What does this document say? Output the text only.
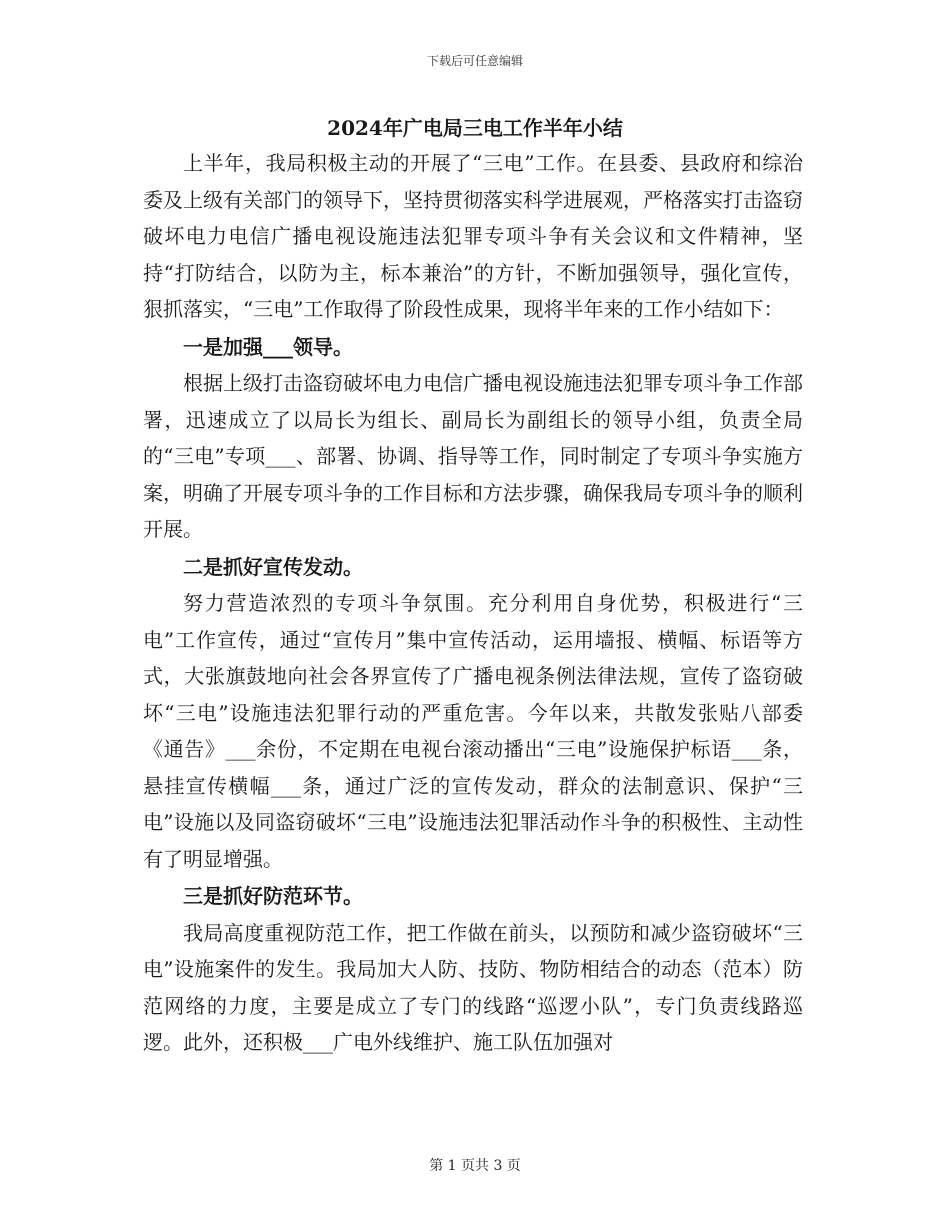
下载后可任意编辑
2024年广电局三电工作半年小结

上半年，我局积极主动的开展了“三电”工作。在县委、县政府和综治委及上级有关部门的领导下，坚持贯彻落实科学进展观，严格落实打击盗窃破坏电力电信广播电视设施违法犯罪专项斗争有关会议和文件精神，坚持“打防结合，以防为主，标本兼治”的方针，不断加强领导，强化宣传，狠抓落实，“三电”工作取得了阶段性成果，现将半年来的工作小结如下：

一是加强___领导。

根据上级打击盗窃破坏电力电信广播电视设施违法犯罪专项斗争工作部署，迅速成立了以局长为组长、副局长为副组长的领导小组，负责全局的“三电”专项___、部署、协调、指导等工作，同时制定了专项斗争实施方案，明确了开展专项斗争的工作目标和方法步骤，确保我局专项斗争的顺利开展。

二是抓好宣传发动。

努力营造浓烈的专项斗争氛围。充分利用自身优势，积极进行“三电”工作宣传，通过“宣传月”集中宣传活动，运用墙报、横幅、标语等方式，大张旗鼓地向社会各界宣传了广播电视条例法律法规，宣传了盗窃破坏“三电”设施违法犯罪行动的严重危害。今年以来，共散发张贴八部委《通告》___余份，不定期在电视台滚动播出“三电”设施保护标语___条，悬挂宣传横幅___条，通过广泛的宣传发动，群众的法制意识、保护“三电”设施以及同盗窃破坏“三电”设施违法犯罪活动作斗争的积极性、主动性有了明显增强。

三是抓好防范环节。

我局高度重视防范工作，把工作做在前头，以预防和减少盗窃破坏“三电”设施案件的发生。我局加大人防、技防、物防相结合的动态（范本）防范网络的力度，主要是成立了专门的线路“巡逻小队”，专门负责线路巡逻。此外，还积极___广电外线维护、施工队伍加强对

第 1 页共 3 页
